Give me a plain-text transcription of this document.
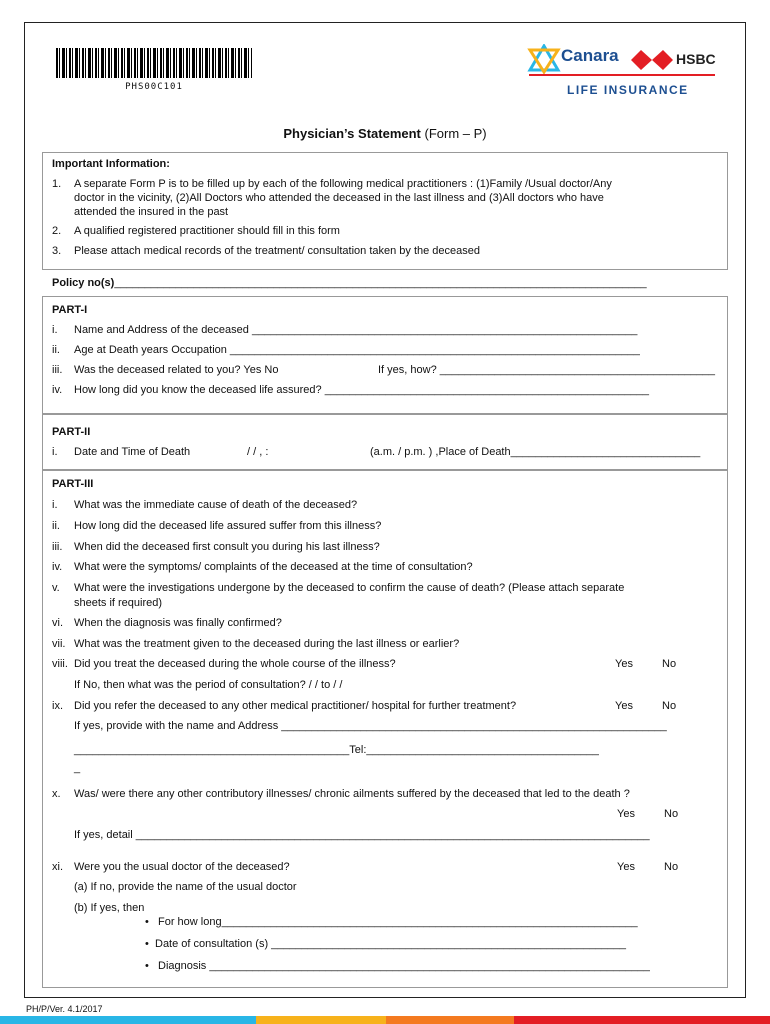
PHS00C101
Canara	HSBC
LIFE INSURANCE
Physician’s Statement (Form – P)
Important Information:
1. A separate Form P is to be filled up by each of the following medical practitioners : (1)Family /Usual doctor/Any
doctor in the vicinity, (2)All Doctors who attended the deceased in the last illness and (3)All doctors who have
attended the insured in the past
2. A qualified registered practitioner should fill in this form
3. Please attach medical records of the treatment/ consultation taken by the deceased
Policy no(s)_______________________________________________________________________________________
PART-I
i. Name and Address of the deceased _______________________________________________________________
ii. Age at Death years Occupation ___________________________________________________________________
iii. Was the deceased related to you? Yes No	If yes, how? _____________________________________________
iv. How long did you know the deceased life assured? _____________________________________________________
PART-II
i. Date and Time of Death	/ / , :	(a.m. / p.m. ) ,Place of Death_______________________________
PART-III
i. What was the immediate cause of death of the deceased?
ii. How long did the deceased life assured suffer from this illness?
iii. When did the deceased first consult you during his last illness?
iv. What were the symptoms/ complaints of the deceased at the time of consultation?
v. What were the investigations undergone by the deceased to confirm the cause of death? (Please attach separate
sheets if required)
vi. When the diagnosis was finally confirmed?
vii. What was the treatment given to the deceased during the last illness or earlier?
viii. Did you treat the deceased during the whole course of the illness?	Yes	No
If No, then what was the period of consultation? / / to / /
ix. Did you refer the deceased to any other medical practitioner/ hospital for further treatment?	Yes	No
If yes, provide with the name and Address _______________________________________________________________
_____________________________________________Tel:______________________________________
_
x. Was/ were there any other contributory illnesses/ chronic ailments suffered by the deceased that led to the death ?
Yes	No
If yes, detail ____________________________________________________________________________________
xi. Were you the usual doctor of the deceased?	Yes	No
(a) If no, provide the name of the usual doctor
(b) If yes, then
• For how long____________________________________________________________________
• Date of consultation (s) __________________________________________________________
• Diagnosis ________________________________________________________________________
PH/P/Ver. 4.1/2017
